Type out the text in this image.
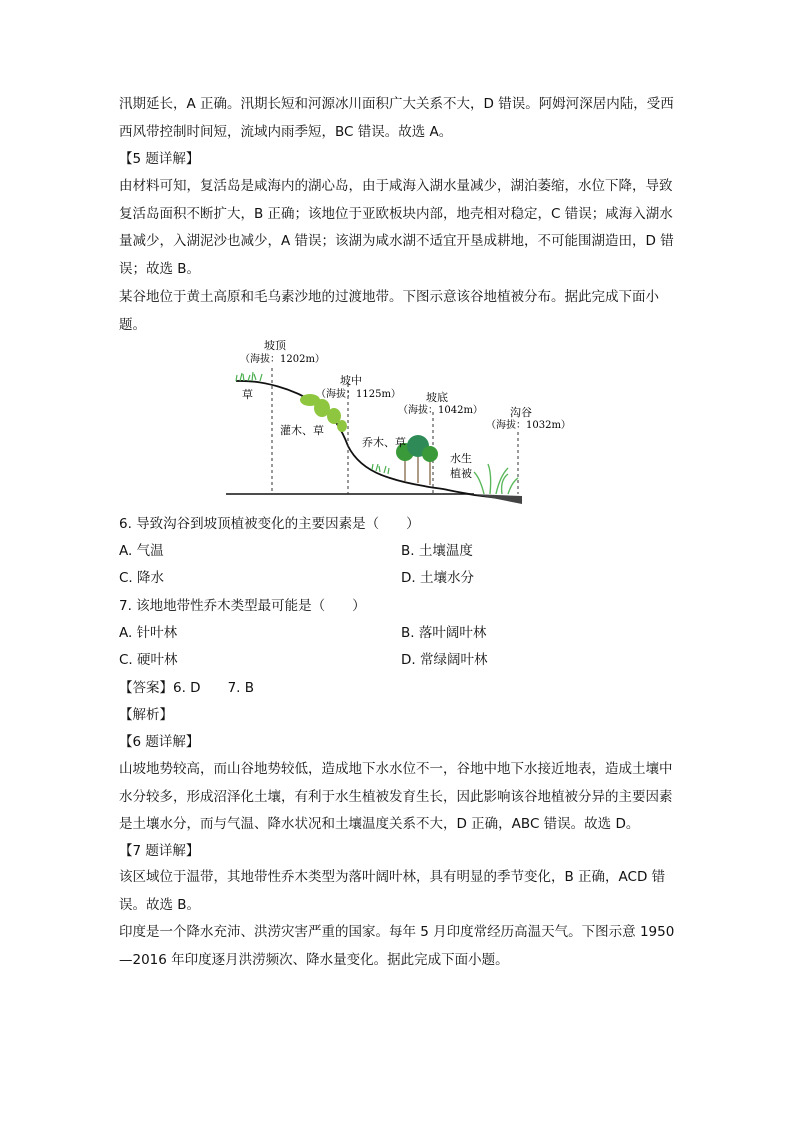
汛期延长，A 正确。汛期长短和河源冰川面积广大关系不大，D 错误。阿姆河深居内陆，受西西风带控制时间短，流域内雨季短，BC 错误。故选 A。

【5 题详解】

由材料可知，复活岛是咸海内的湖心岛，由于咸海入湖水量减少，湖泊萎缩，水位下降，导致复活岛面积不断扩大，B 正确；该地位于亚欧板块内部，地壳相对稳定，C 错误；咸海入湖水量减少，入湖泥沙也减少，A 错误；该湖为咸水湖不适宜开垦成耕地，不可能围湖造田，D 错误；故选 B。

某谷地位于黄土高原和毛乌素沙地的过渡地带。下图示意该谷地植被分布。据此完成下面小题。

坡顶
（海拔：1202m）
坡中
（海拔：1125m） 坡底
（海拔：1042m） 沟谷
（海拔：1032m）
草
灌木、草
乔木、草
水生
植被
6. 导致沟谷到坡顶植被变化的主要因素是（　　）
A. 气温	B. 土壤温度
C. 降水	D. 土壤水分
7. 该地地带性乔木类型最可能是（　　）
A. 针叶林	B. 落叶阔叶林
C. 硬叶林	D. 常绿阔叶林
【答案】6. D　　7. B
【解析】
【6 题详解】

山坡地势较高，而山谷地势较低，造成地下水水位不一，谷地中地下水接近地表，造成土壤中水分较多，形成沼泽化土壤，有利于水生植被发育生长，因此影响该谷地植被分异的主要因素是土壤水分，而与气温、降水状况和土壤温度关系不大，D 正确，ABC 错误。故选 D。

【7 题详解】

该区域位于温带，其地带性乔木类型为落叶阔叶林，具有明显的季节变化，B 正确，ACD 错误。故选 B。

印度是一个降水充沛、洪涝灾害严重的国家。每年 5 月印度常经历高温天气。下图示意 1950—2016 年印度逐月洪涝频次、降水量变化。据此完成下面小题。
